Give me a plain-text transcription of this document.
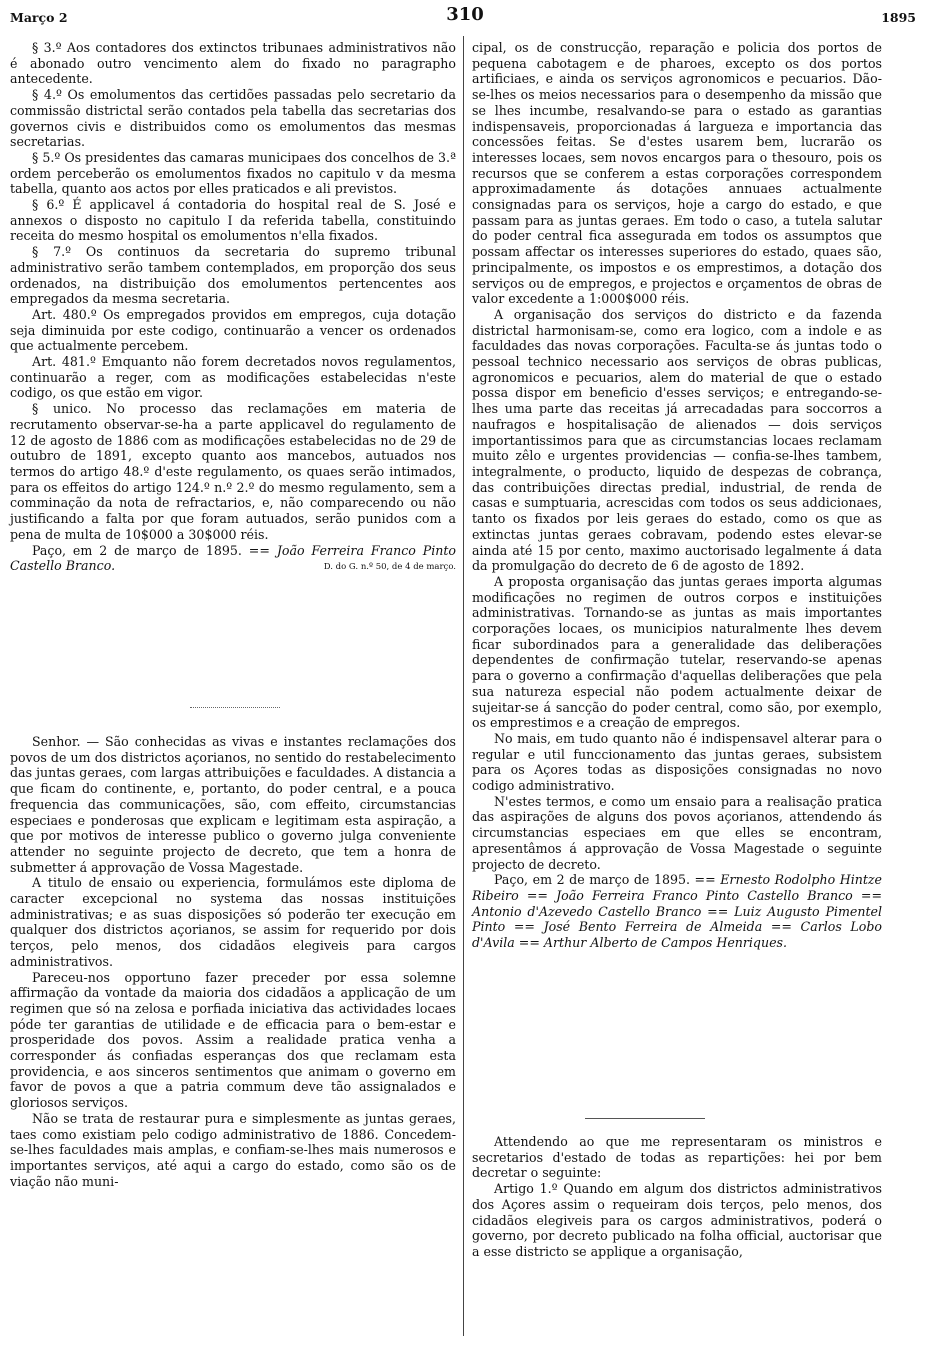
Março 2	310	1895

§ 3.º Aos contadores dos extinctos tribunaes administrativos não é abonado outro vencimento alem do fixado no paragrapho antecedente.

§ 4.º Os emolumentos das certidões passadas pelo secretario da commissão districtal serão contados pela tabella das secretarias dos governos civis e distribuidos como os emolumentos das mesmas secretarias.

§ 5.º Os presidentes das camaras municipaes dos concelhos de 3.ª ordem perceberão os emolumentos fixados no capitulo v da mesma tabella, quanto aos actos por elles praticados e ali previstos.

§ 6.º É applicavel á contadoria do hospital real de S. José e annexos o disposto no capitulo I da referida tabella, constituindo receita do mesmo hospital os emolumentos n'ella fixados.

§ 7.º Os continuos da secretaria do supremo tribunal administrativo serão tambem contemplados, em proporção dos seus ordenados, na distribuição dos emolumentos pertencentes aos empregados da mesma secretaria.

Art. 480.º Os empregados providos em empregos, cuja dotação seja diminuida por este codigo, continuarão a vencer os ordenados que actualmente percebem.

Art. 481.º Emquanto não forem decretados novos regulamentos, continuarão a reger, com as modificações estabelecidas n'este codigo, os que estão em vigor.

§ unico. No processo das reclamações em materia de recrutamento observar-se-ha a parte applicavel do regulamento de 12 de agosto de 1886 com as modificações estabelecidas no de 29 de outubro de 1891, excepto quanto aos mancebos, autuados nos termos do artigo 48.º d'este regulamento, os quaes serão intimados, para os effeitos do artigo 124.º n.º 2.º do mesmo regulamento, sem a comminação da nota de refractarios, e, não comparecendo ou não justificando a falta por que foram autuados, serão punidos com a pena de multa de 10$000 a 30$000 réis.

Paço, em 2 de março de 1895. == João Ferreira Franco Pinto Castello Branco.	D. do G. n.º 50, de 4 de março.

Senhor. — São conhecidas as vivas e instantes reclamações dos povos de um dos districtos açorianos, no sentido do restabelecimento das juntas geraes, com largas attribuições e faculdades. A distancia a que ficam do continente, e, portanto, do poder central, e a pouca frequencia das communicações, são, com effeito, circumstancias especiaes e ponderosas que explicam e legitimam esta aspiração, a que por motivos de interesse publico o governo julga conveniente attender no seguinte projecto de decreto, que tem a honra de submetter á approvação de Vossa Magestade.

A titulo de ensaio ou experiencia, formulámos este diploma de caracter excepcional no systema das nossas instituições administrativas; e as suas disposições só poderão ter execução em qualquer dos districtos açorianos, se assim for requerido por dois terços, pelo menos, dos cidadãos elegiveis para cargos administrativos.

Pareceu-nos opportuno fazer preceder por essa solemne affirmação da vontade da maioria dos cidadãos a applicação de um regimen que só na zelosa e porfiada iniciativa das actividades locaes póde ter garantias de utilidade e de efficacia para o bem-estar e prosperidade dos povos. Assim a realidade pratica venha a corresponder ás confiadas esperanças dos que reclamam esta providencia, e aos sinceros sentimentos que animam o governo em favor de povos a que a patria commum deve tão assignalados e gloriosos serviços.

Não se trata de restaurar pura e simplesmente as juntas geraes, taes como existiam pelo codigo administrativo de 1886. Concedem-se-lhes faculdades mais amplas, e confiam-se-lhes mais numerosos e importantes serviços, até aqui a cargo do estado, como são os de viação não muni-

cipal, os de construcção, reparação e policia dos portos de pequena cabotagem e de pharoes, excepto os dos portos artificiaes, e ainda os serviços agronomicos e pecuarios. Dão-se-lhes os meios necessarios para o desempenho da missão que se lhes incumbe, resalvando-se para o estado as garantias indispensaveis, proporcionadas á largueza e importancia das concessões feitas. Se d'estes usarem bem, lucrarão os interesses locaes, sem novos encargos para o thesouro, pois os recursos que se conferem a estas corporações correspondem approximadamente ás dotações annuaes actualmente consignadas para os serviços, hoje a cargo do estado, e que passam para as juntas geraes. Em todo o caso, a tutela salutar do poder central fica assegurada em todos os assumptos que possam affectar os interesses superiores do estado, quaes são, principalmente, os impostos e os emprestimos, a dotação dos serviços ou de empregos, e projectos e orçamentos de obras de valor excedente a 1:000$000 réis.

A organisação dos serviços do districto e da fazenda districtal harmonisam-se, como era logico, com a indole e as faculdades das novas corporações. Faculta-se ás juntas todo o pessoal technico necessario aos serviços de obras publicas, agronomicos e pecuarios, alem do material de que o estado possa dispor em beneficio d'esses serviços; e entregando-se-lhes uma parte das receitas já arrecadadas para soccorros a naufragos e hospitalisação de alienados — dois serviços importantissimos para que as circumstancias locaes reclamam muito zêlo e urgentes providencias — confia-se-lhes tambem, integralmente, o producto, liquido de despezas de cobrança, das contribuições directas predial, industrial, de renda de casas e sumptuaria, acrescidas com todos os seus addicionaes, tanto os fixados por leis geraes do estado, como os que as extinctas juntas geraes cobravam, podendo estes elevar-se ainda até 15 por cento, maximo auctorisado legalmente á data da promulgação do decreto de 6 de agosto de 1892.

A proposta organisação das juntas geraes importa algumas modificações no regimen de outros corpos e instituições administrativas. Tornando-se as juntas as mais importantes corporações locaes, os municipios naturalmente lhes devem ficar subordinados para a generalidade das deliberações dependentes de confirmação tutelar, reservando-se apenas para o governo a confirmação d'aquellas deliberações que pela sua natureza especial não podem actualmente deixar de sujeitar-se á sancção do poder central, como são, por exemplo, os emprestimos e a creação de empregos.

No mais, em tudo quanto não é indispensavel alterar para o regular e util funccionamento das juntas geraes, subsistem para os Açores todas as disposições consignadas no novo codigo administrativo.

N'estes termos, e como um ensaio para a realisação pratica das aspirações de alguns dos povos açorianos, attendendo ás circumstancias especiaes em que elles se encontram, apresentâmos á approvação de Vossa Magestade o seguinte projecto de decreto.

Paço, em 2 de março de 1895. == Ernesto Rodolpho Hintze Ribeiro == João Ferreira Franco Pinto Castello Branco == Antonio d'Azevedo Castello Branco == Luiz Augusto Pimentel Pinto == José Bento Ferreira de Almeida == Carlos Lobo d'Avila == Arthur Alberto de Campos Henriques.

Attendendo ao que me representaram os ministros e secretarios d'estado de todas as repartições: hei por bem decretar o seguinte:

Artigo 1.º Quando em algum dos districtos administrativos dos Açores assim o requeiram dois terços, pelo menos, dos cidadãos elegiveis para os cargos administrativos, poderá o governo, por decreto publicado na folha official, auctorisar que a esse districto se applique a organisação,
